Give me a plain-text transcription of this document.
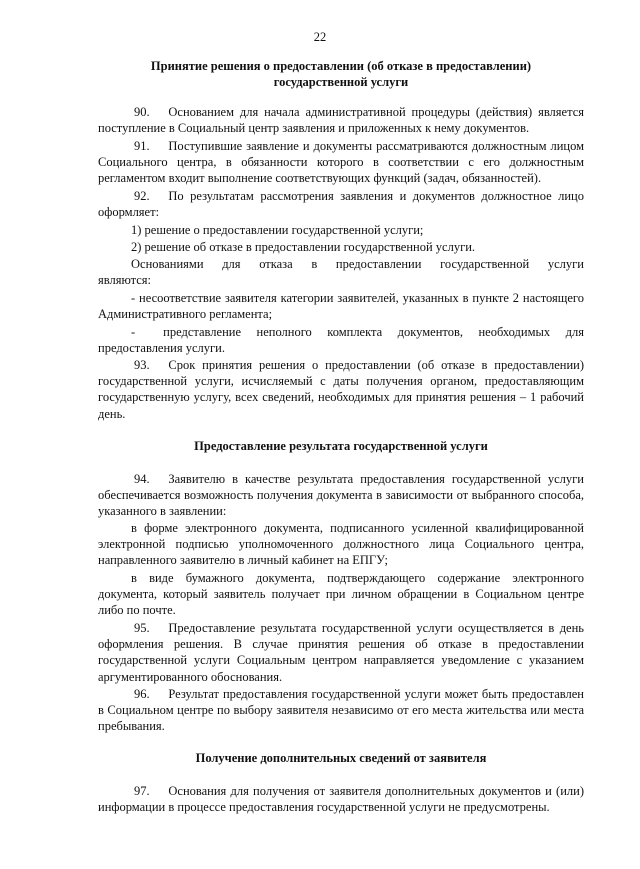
22

Принятие решения о предоставлении (об отказе в предоставлении)

государственной услуги

90.  Основанием для начала административной процедуры (действия) является поступление в Социальный центр заявления и приложенных к нему документов.

91.  Поступившие заявление и документы рассматриваются должностным лицом Социального центра, в обязанности которого в соответствии с его должностным регламентом входит выполнение соответствующих функций (задач, обязанностей).

92.  По результатам рассмотрения заявления и документов должностное лицо оформляет:

1) решение о предоставлении государственной услуги;

2) решение об отказе в предоставлении государственной услуги.

Основаниями для отказа в предоставлении государственной услуги

являются:

- несоответствие заявителя категории заявителей, указанных в пункте 2 настоящего Административного регламента;

-  представление неполного комплекта документов, необходимых для предоставления услуги.

93.  Срок принятия решения о предоставлении (об отказе в предоставлении) государственной услуги, исчисляемый с даты получения органом, предоставляющим государственную услугу, всех сведений, необходимых для принятия решения – 1 рабочий день.

Предоставление результата государственной услуги

94.  Заявителю в качестве результата предоставления государственной услуги обеспечивается возможность получения документа в зависимости от выбранного способа, указанного в заявлении:

в форме электронного документа, подписанного усиленной квалифицированной электронной подписью уполномоченного должностного лица Социального центра, направленного заявителю в личный кабинет на ЕПГУ;

в виде бумажного документа, подтверждающего содержание электронного документа, который заявитель получает при личном обращении в Социальном центре либо по почте.

95.  Предоставление результата государственной услуги осуществляется в день оформления решения. В случае принятия решения об отказе в предоставлении государственной услуги Социальным центром направляется уведомление с указанием аргументированного обоснования.

96.  Результат предоставления государственной услуги может быть предоставлен в Социальном центре по выбору заявителя независимо от его места жительства или места пребывания.

Получение дополнительных сведений от заявителя

97.  Основания для получения от заявителя дополнительных документов и (или) информации в процессе предоставления государственной услуги не предусмотрены.
